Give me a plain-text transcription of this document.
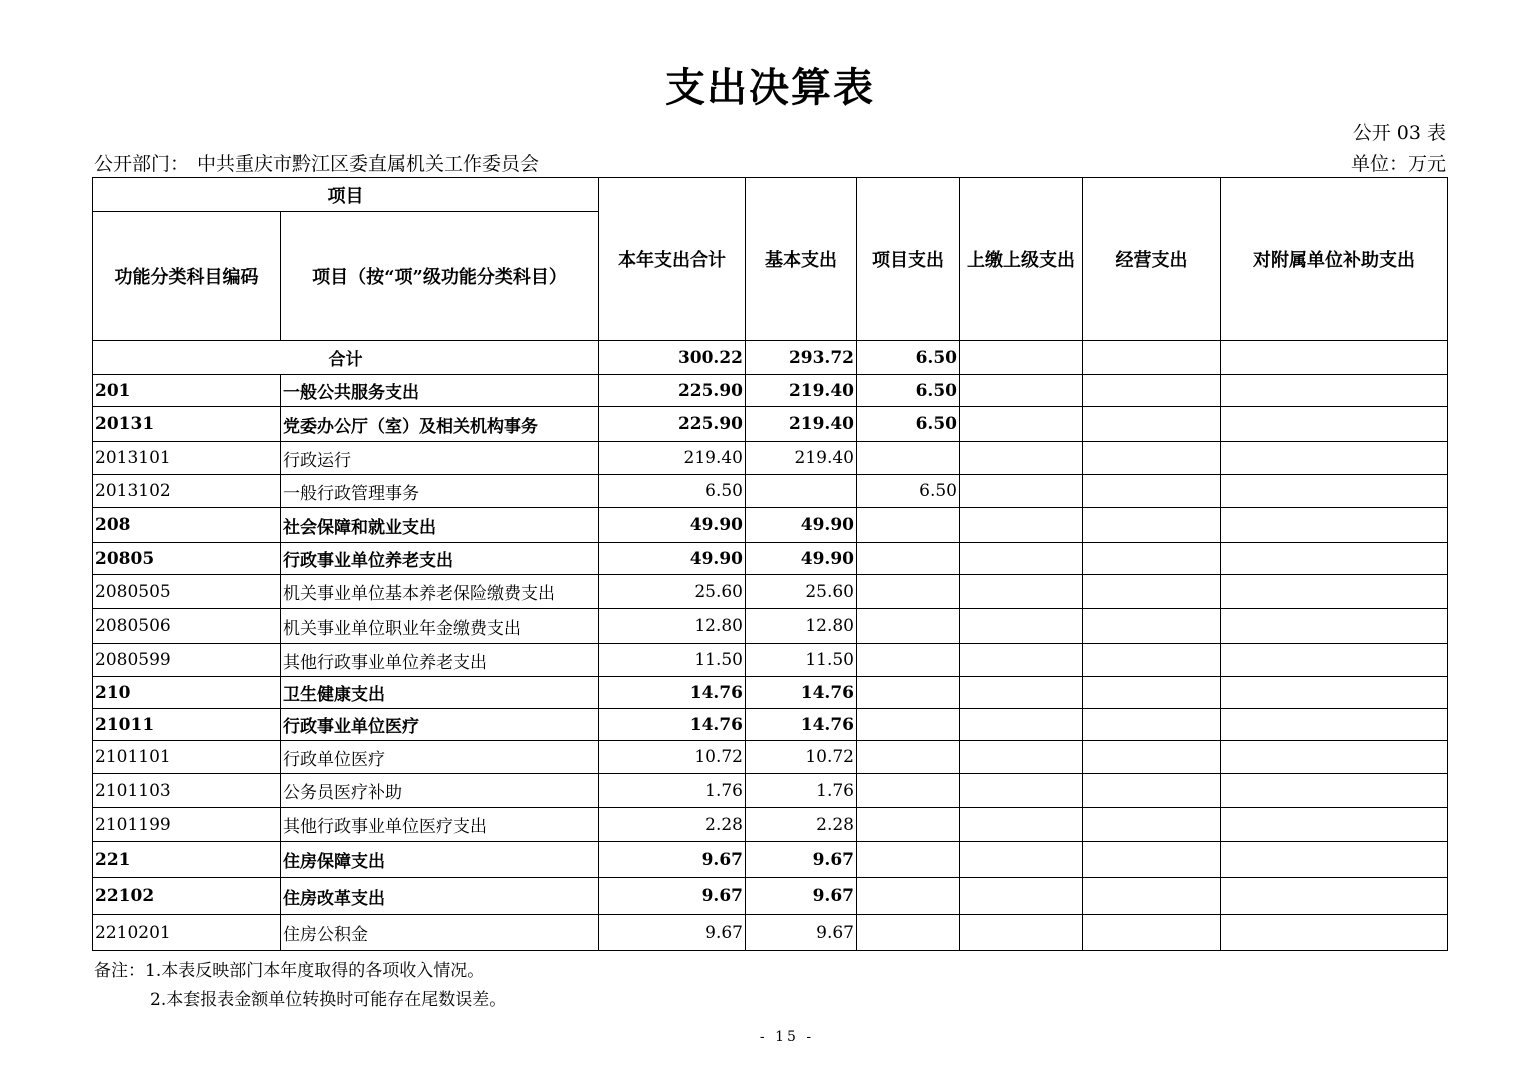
支出决算表
公开 03 表
公开部门： 中共重庆市黔江区委直属机关工作委员会	单位：万元
项目		本年支出合计	基本支出	项目支出	上缴上级支出	经营支出	对附属单位补助支出
功能分类科目编码	项目（按“项”级功能分类科目）						
合计		300.22	293.72	6.50			
201	一般公共服务支出	225.90	219.40	6.50			
20131	党委办公厅（室）及相关机构事务	225.90	219.40	6.50			
2013101	行政运行	219.40	219.40				
2013102	一般行政管理事务	6.50		6.50			
208	社会保障和就业支出	49.90	49.90				
20805	行政事业单位养老支出	49.90	49.90				
2080505	机关事业单位基本养老保险缴费支出	25.60	25.60				
2080506	机关事业单位职业年金缴费支出	12.80	12.80				
2080599	其他行政事业单位养老支出	11.50	11.50				
210	卫生健康支出	14.76	14.76				
21011	行政事业单位医疗	14.76	14.76				
2101101	行政单位医疗	10.72	10.72				
2101103	公务员医疗补助	1.76	1.76				
2101199	其他行政事业单位医疗支出	2.28	2.28				
221	住房保障支出	9.67	9.67				
22102	住房改革支出	9.67	9.67				
2210201	住房公积金	9.67	9.67				
备注：1.本表反映部门本年度取得的各项收入情况。
2.本套报表金额单位转换时可能存在尾数误差。
- 15 -
